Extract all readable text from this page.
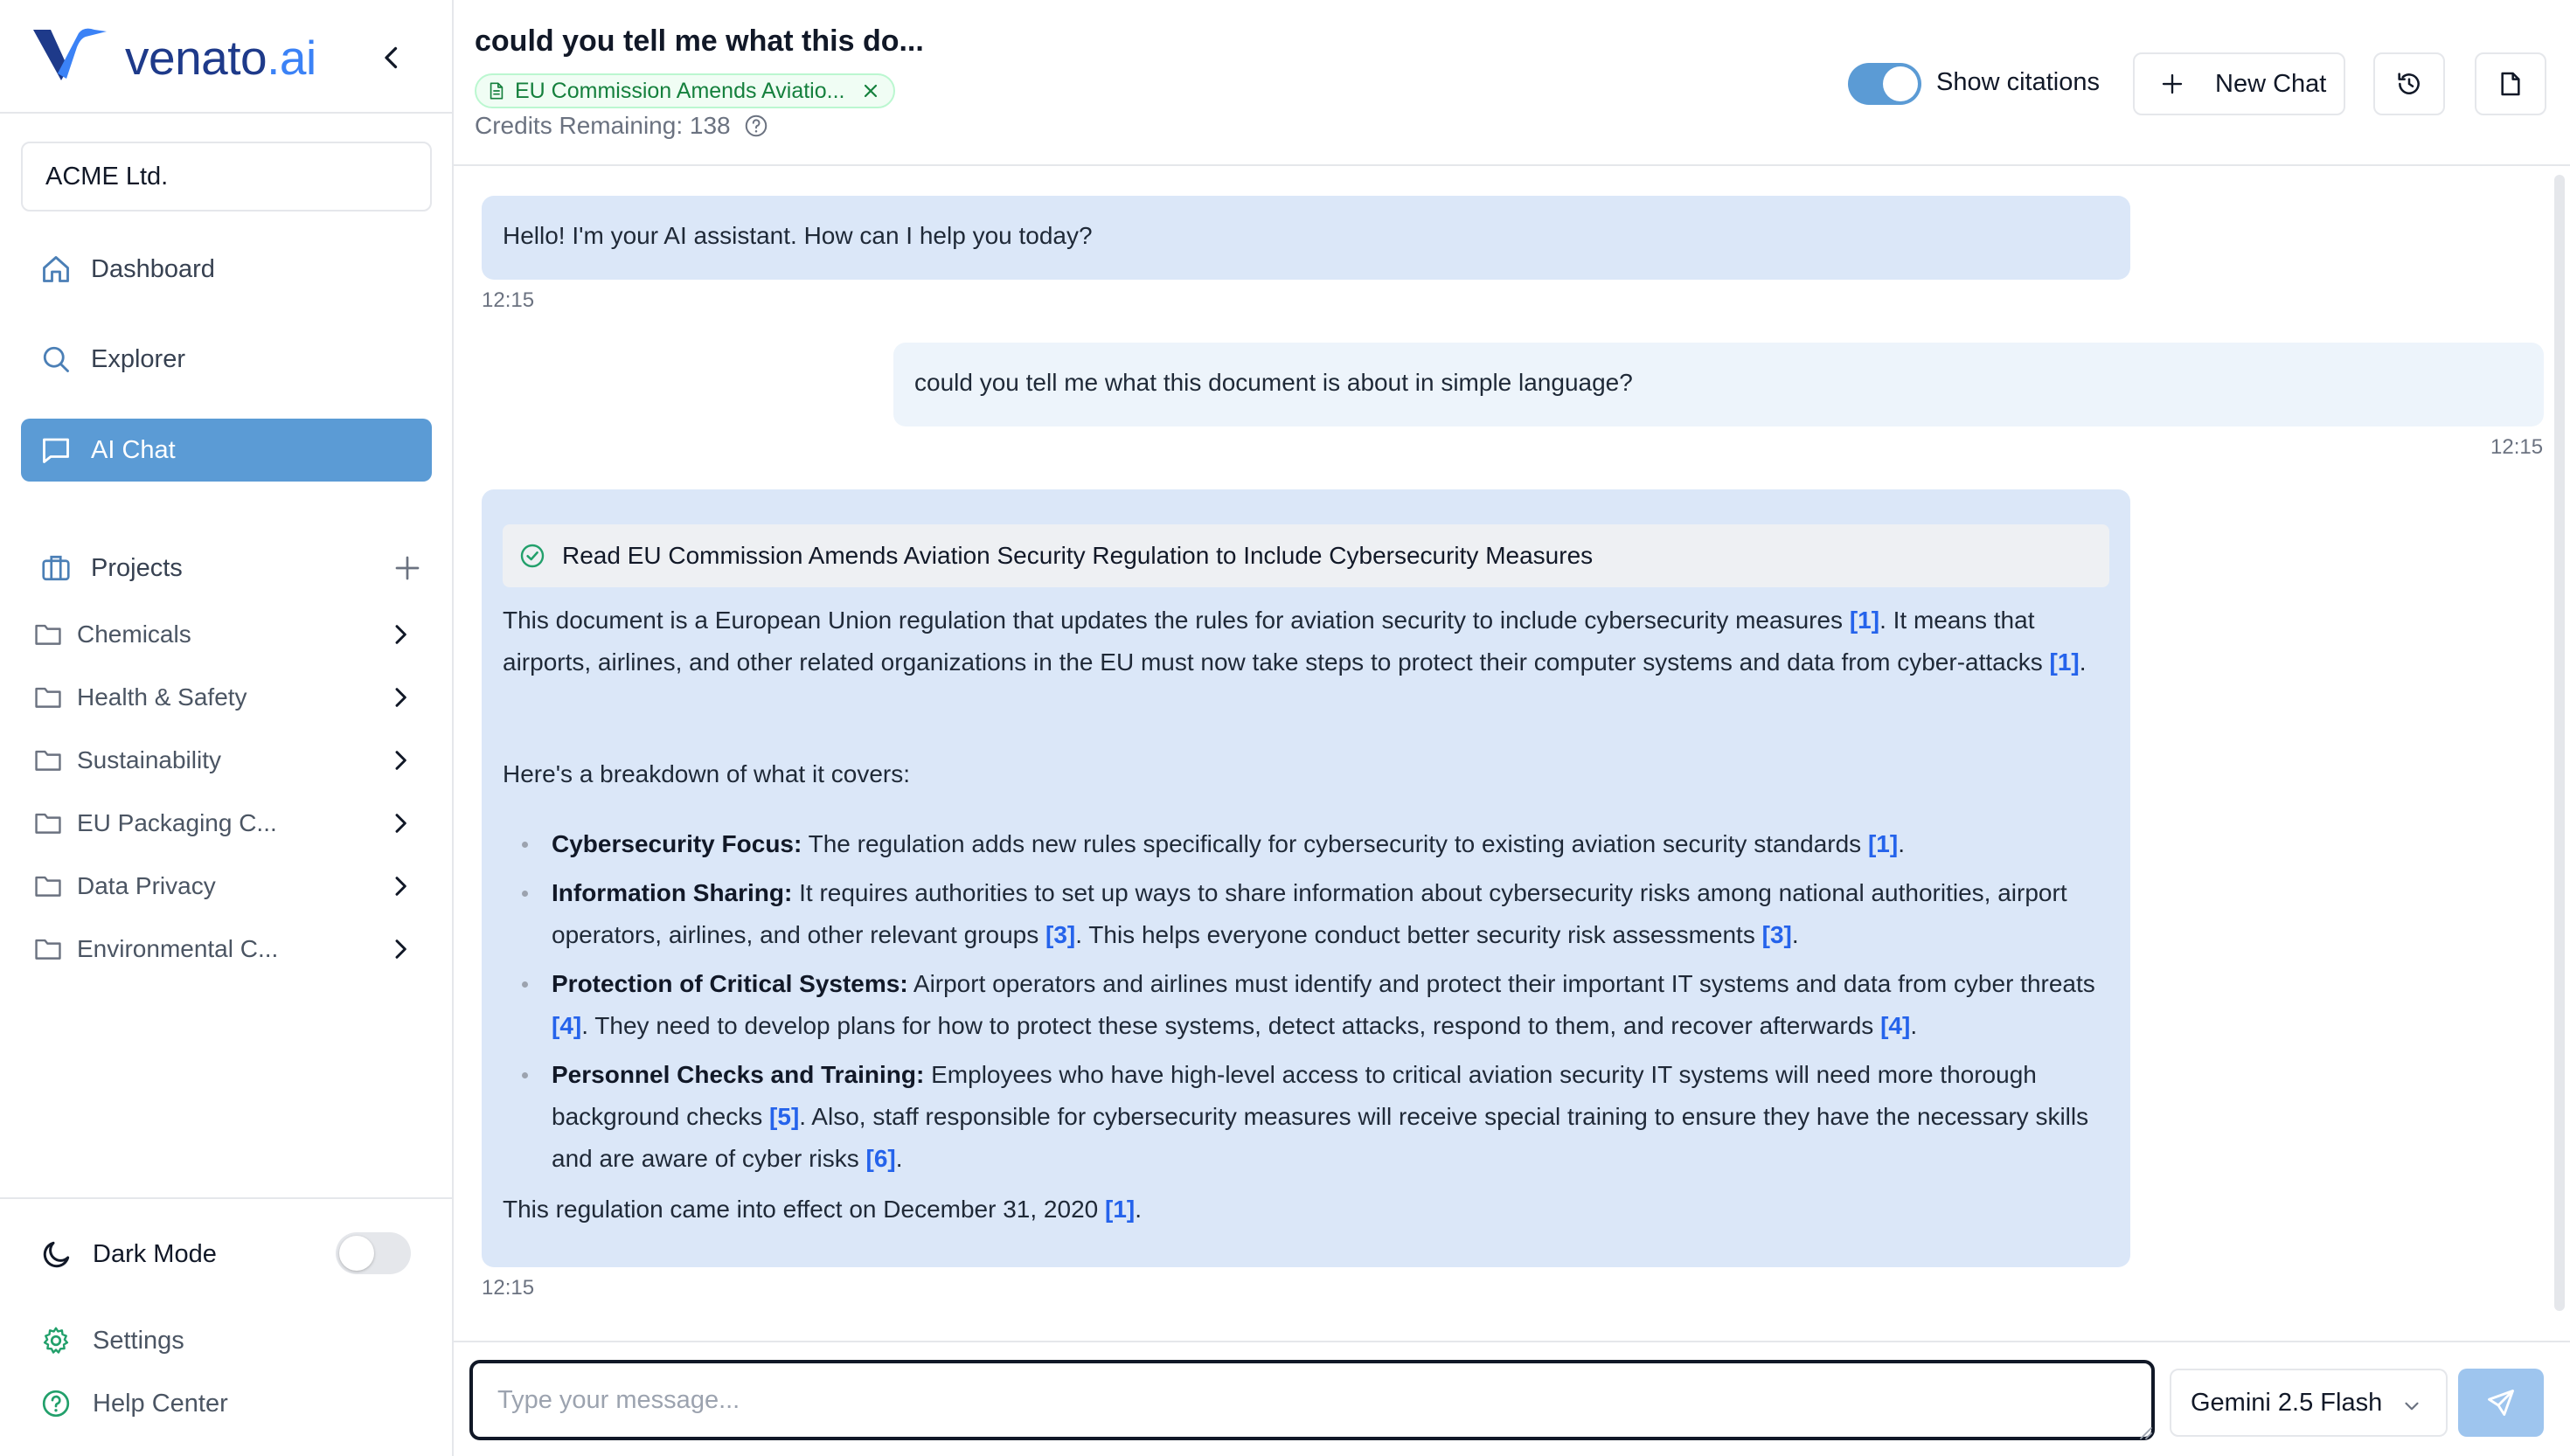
venato.ai
ACME Ltd.
Dashboard
Explorer
AI Chat
Projects
Chemicals
Health & Safety
Sustainability
EU Packaging C...
Data Privacy
Environmental C...
Dark Mode
Settings
Help Center
could you tell me what this do...
EU Commission Amends Aviatio...
Credits Remaining: 138
Show citations	New Chat
Hello! I'm your AI assistant. How can I help you today?
12:15
could you tell me what this document is about in simple language?
12:15
Read EU Commission Amends Aviation Security Regulation to Include Cybersecurity Measures
This document is a European Union regulation that updates the rules for aviation security to include cybersecurity measures [1]. It means that airports, airlines, and other related organizations in the EU must now take steps to protect their computer systems and data from cyber-attacks [1].
Here's a breakdown of what it covers:
Cybersecurity Focus: The regulation adds new rules specifically for cybersecurity to existing aviation security standards [1].
Information Sharing: It requires authorities to set up ways to share information about cybersecurity risks among national authorities, airport operators, airlines, and other relevant groups [3]. This helps everyone conduct better security risk assessments [3].
Protection of Critical Systems: Airport operators and airlines must identify and protect their important IT systems and data from cyber threats [4]. They need to develop plans for how to protect these systems, detect attacks, respond to them, and recover afterwards [4].
Personnel Checks and Training: Employees who have high-level access to critical aviation security IT systems will need more thorough background checks [5]. Also, staff responsible for cybersecurity measures will receive special training to ensure they have the necessary skills and are aware of cyber risks [6].
This regulation came into effect on December 31, 2020 [1].
12:15
Type your message...
Gemini 2.5 Flash
